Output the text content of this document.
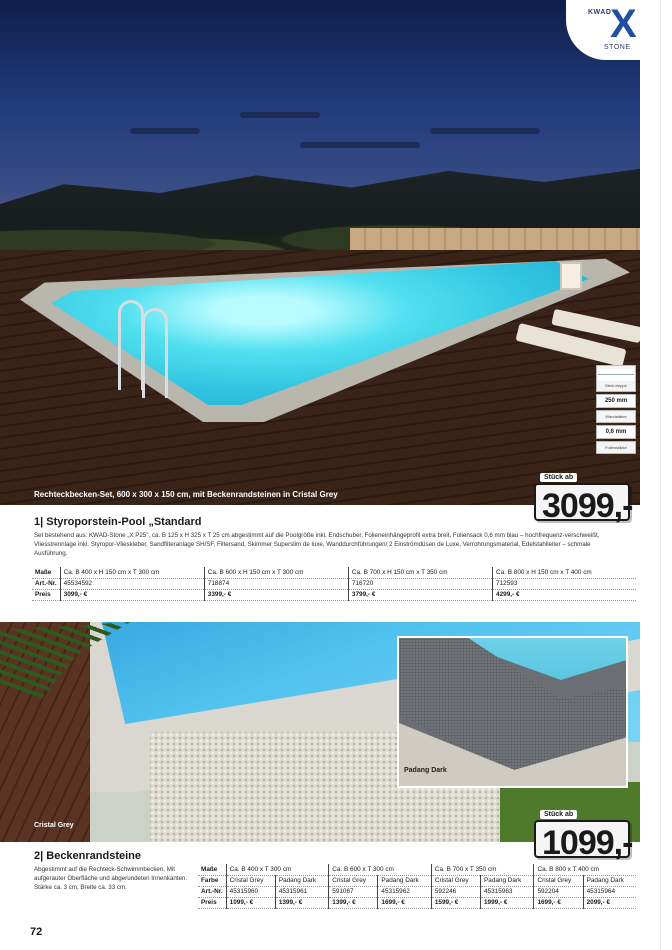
Rechteckbecken-Set, 600 x 300 x 150 cm, mit Beckenrandsteinen in Cristal Grey
KWAD
X
STONE
Stein-treppe
250 mm
Wandstärke
0,6 mm
Folienstärke
Stück ab
3099,-
1| Styroporstein-Pool „Standard
Set bestehend aus: KWAD-Stone „X P25", ca. B 125 x H 325 x T 25 cm abgestimmt auf die Poolgröße inkl. Endschuber, Folieneinhängeprofil extra breit, Foliensack 0,6 mm blau – hochfrequenz-verschweißt, Vliesstrennlage inkl. Styropor-Vlieskleber, Sandfilteranlage SH/SF, Filtersand, Skimmer Superslim de luxe, Wanddurchführungen/ 2 Einströmdüsen de Luxe, Verrohrungsmaterial, Edelstahlleiter – schmale Ausführung.
Maße	Ca. B 400 x H 150 cm x T 300 cm	Ca. B 600 x H 150 cm x T 300 cm	Ca. B 700 x H 150 cm x T 350 cm	Ca. B 800 x H 150 cm x T 400 cm
Art.-Nr.	45534592	718874	716720	712593
Preis	3099,- €	3399,- €	3799,- €	4299,- €
Padang Dark
Cristal Grey
Stück ab
1099,-
2| Beckenrandsteine
Abgestimmt auf die Rechteck-Schwimmbecken. Mit aufgerauter Oberfläche und abgerundeten Innenkanten. Stärke ca. 3 cm, Breite ca. 33 cm.
Maße	Ca. B 400 x T 300 cm		Ca. B 600 x T 300 cm		Ca. B 700 x T 350 cm		Ca. B 800 x T 400 cm	
Farbe	Cristal Grey	Padang Dark	Cristal Grey	Padang Dark	Cristal Grey	Padang Dark	Cristal Grey	Padang Dark
Art.-Nr.	45315960	45315961	591067	45315962	592246	45315963	592204	45315964
Preis	1099,- €	1399,- €	1399,- €	1699,- €	1599,- €	1999,- €	1699,- €	2099,- €
72
